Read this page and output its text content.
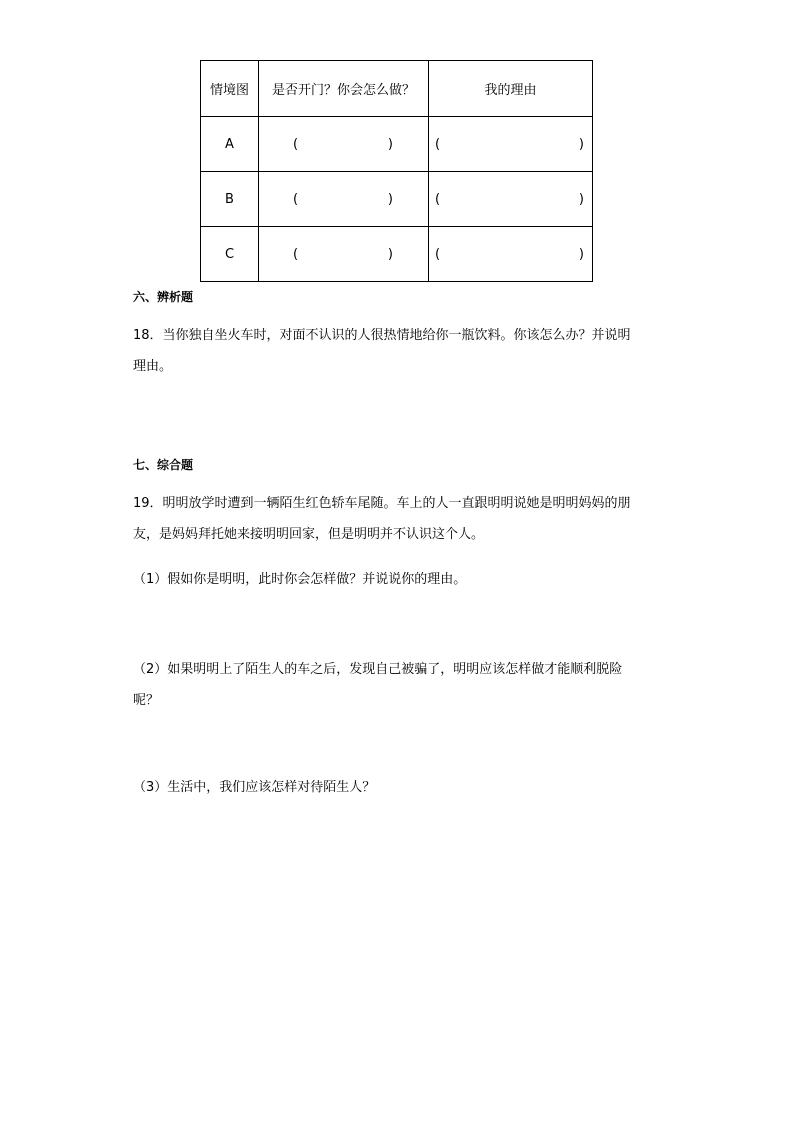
情境图	是否开门？你会怎么做？	我的理由
A	( )	( )

B	( )	( )

C	( )	( )
六、辨析题
18．当你独自坐火车时，对面不认识的人很热情地给你一瓶饮料。你该怎么办？并说明
理由。
七、综合题
19．明明放学时遭到一辆陌生红色轿车尾随。车上的人一直跟明明说她是明明妈妈的朋
友，是妈妈拜托她来接明明回家，但是明明并不认识这个人。
（1）假如你是明明，此时你会怎样做？并说说你的理由。
（2）如果明明上了陌生人的车之后，发现自己被骗了，明明应该怎样做才能顺利脱险
呢？
（3）生活中，我们应该怎样对待陌生人？
